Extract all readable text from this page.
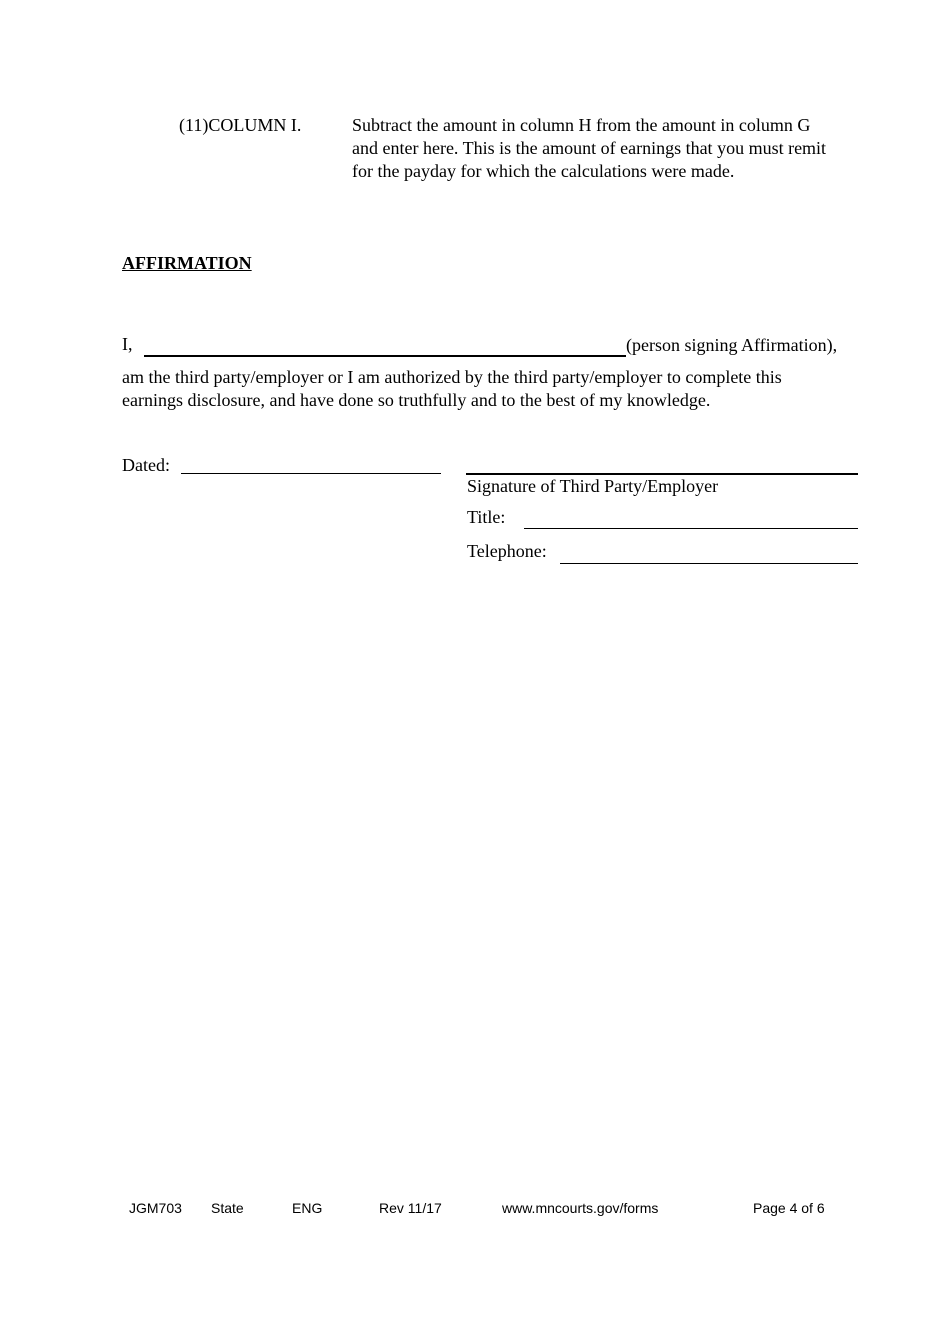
(11)COLUMN I.	Subtract the amount in column H from the amount in column G
and enter here. This is the amount of earnings that you must remit
for the payday for which the calculations were made.
AFFIRMATION
I,	(person signing Affirmation),
am the third party/employer or I am authorized by the third party/employer to complete this
earnings disclosure, and have done so truthfully and to the best of my knowledge.
Dated:
Signature of Third Party/Employer
Title:
Telephone:
JGM703 State	ENG	Rev 11/17	www.mncourts.gov/forms	Page 4 of 6
